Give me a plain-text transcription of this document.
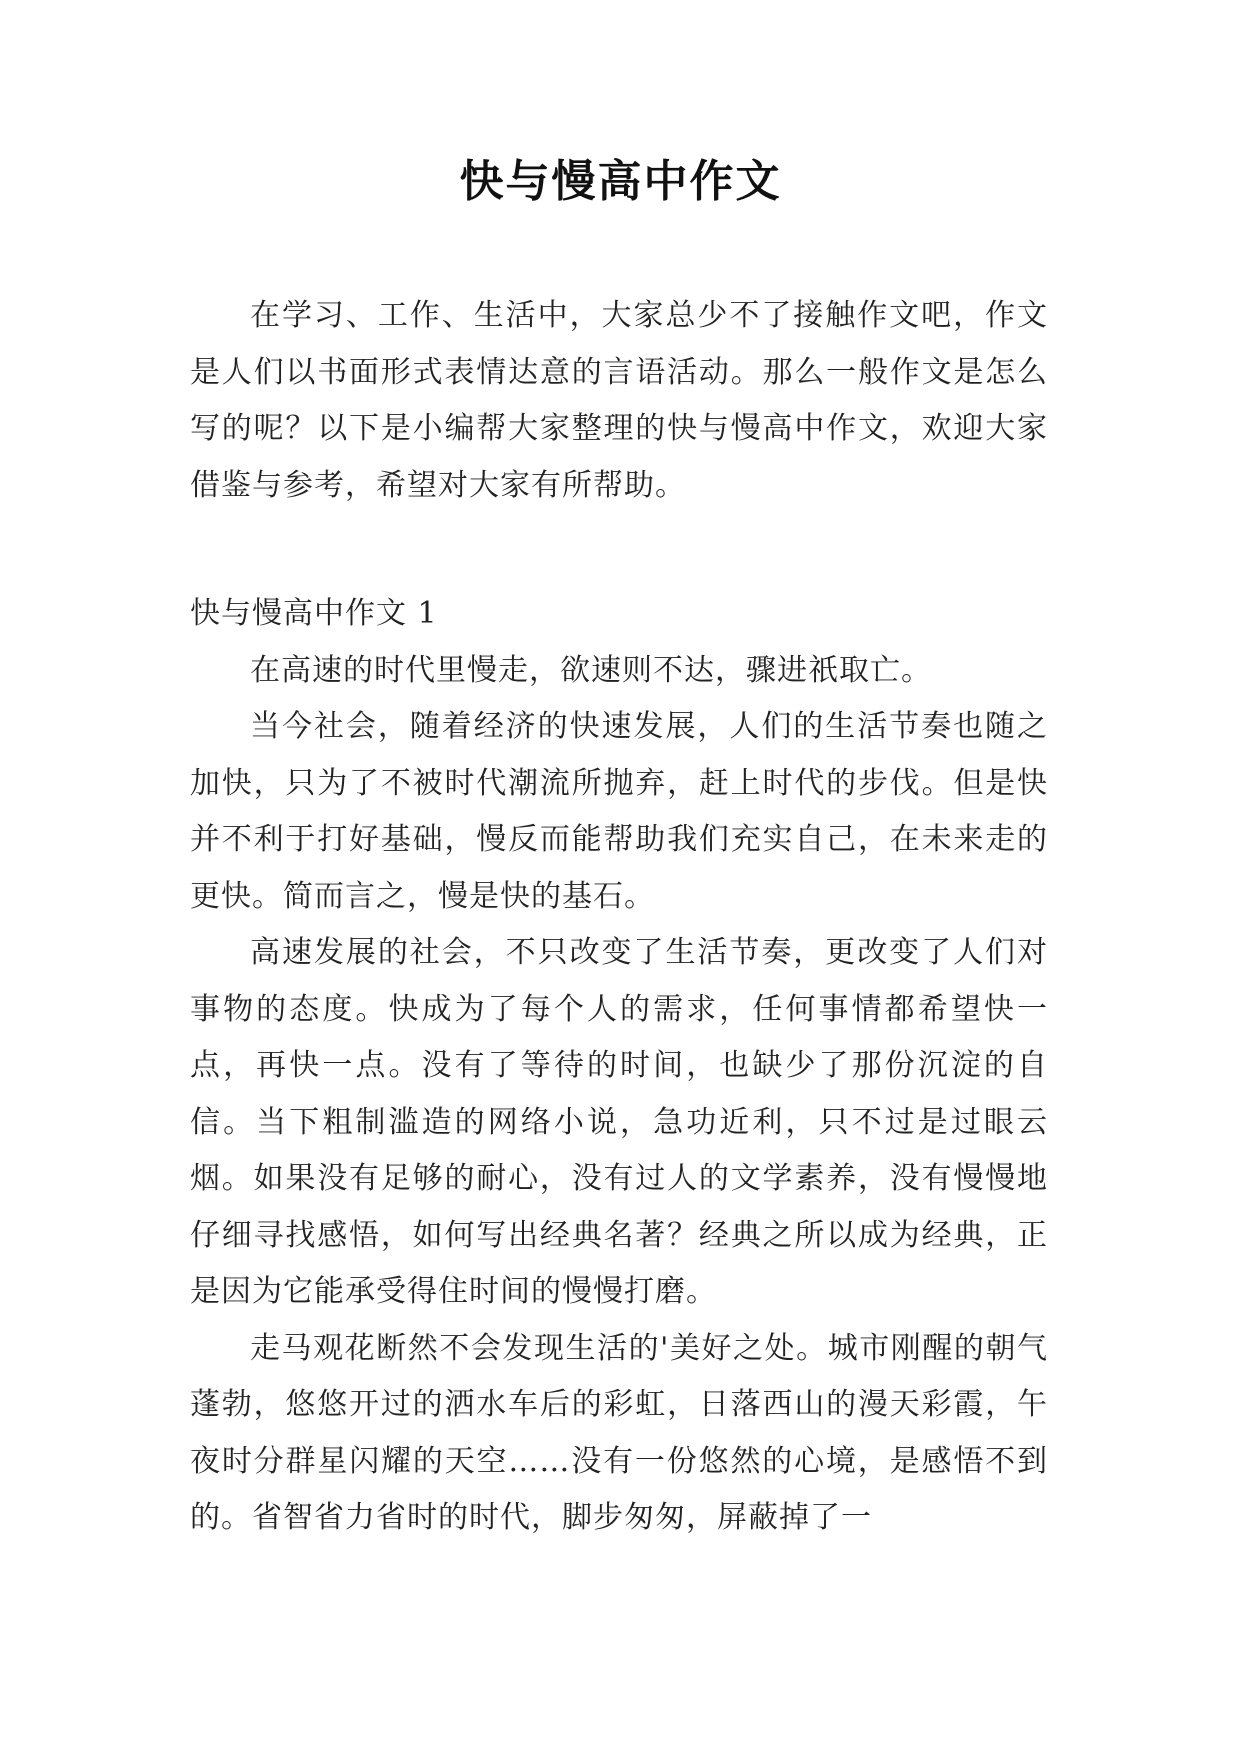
快与慢高中作文

在学习、工作、生活中，大家总少不了接触作文吧，作文是人们以书面形式表情达意的言语活动。那么一般作文是怎么写的呢？以下是小编帮大家整理的快与慢高中作文，欢迎大家借鉴与参考，希望对大家有所帮助。

快与慢高中作文 1

在高速的时代里慢走，欲速则不达，骤进祇取亡。

当今社会，随着经济的快速发展，人们的生活节奏也随之加快，只为了不被时代潮流所抛弃，赶上时代的步伐。但是快并不利于打好基础，慢反而能帮助我们充实自己，在未来走的更快。简而言之，慢是快的基石。

高速发展的社会，不只改变了生活节奏，更改变了人们对事物的态度。快成为了每个人的需求，任何事情都希望快一点，再快一点。没有了等待的时间，也缺少了那份沉淀的自信。当下粗制滥造的网络小说，急功近利，只不过是过眼云烟。如果没有足够的耐心，没有过人的文学素养，没有慢慢地仔细寻找感悟，如何写出经典名著？经典之所以成为经典，正是因为它能承受得住时间的慢慢打磨。

走马观花断然不会发现生活的'美好之处。城市刚醒的朝气蓬勃，悠悠开过的洒水车后的彩虹，日落西山的漫天彩霞，午夜时分群星闪耀的天空……没有一份悠然的心境，是感悟不到的。省智省力省时的时代，脚步匆匆，屏蔽掉了一
